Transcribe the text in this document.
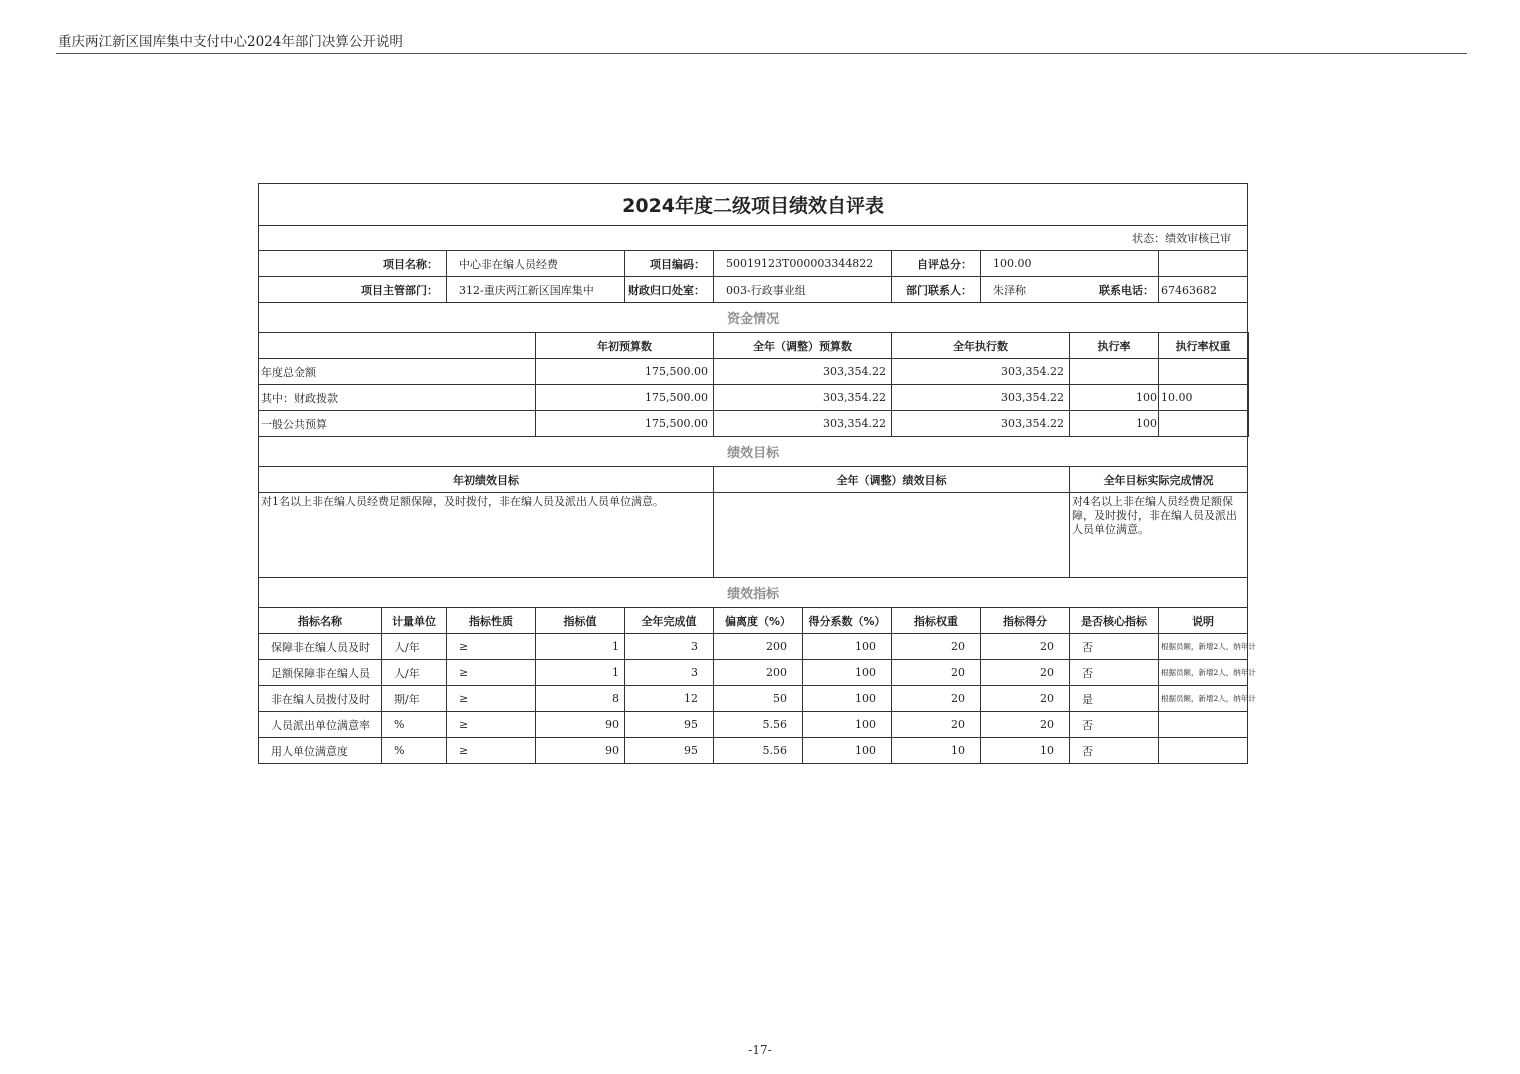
重庆两江新区国库集中支付中心2024年部门决算公开说明
2024年度二级项目绩效自评表											
状态：绩效审核已审											
项目名称：		中心非在编人员经费		项目编码：	50019123T000003344822		自评总分：	100.00			
项目主管部门：		312-重庆两江新区国库集中		财政归口处室：	003-行政事业组		部门联系人：	朱泽称		联系电话： 67463682	
资金情况											
			年初预算数		全年（调整）预算数		全年执行数		执行率	执行率权重	
年度总金额			175,500.00		303,354.22		303,354.22				
其中：财政拨款			175,500.00		303,354.22		303,354.22		100	10.00	
一般公共预算			175,500.00		303,354.22		303,354.22		100		
绩效目标											
年初绩效目标					全年（调整）绩效目标				全年目标实际完成情况		
对1名以上非在编人员经费足额保障，及时拨付，非在编人员及派出人员单位满意。									对4名以上非在编人员经费足额保障，及时拨付，非在编人员及派出人员单位满意。		
绩效指标											
指标名称	计量单位	指标性质	指标值	全年完成值	偏离度（%）	得分系数（%）	指标权重	指标得分	是否核心指标	说明	
保障非在编人员及时	人/年	≥	1	3	200	100	20	20	否	根据员额，新增2人，纳年计	
足额保障非在编人员	人/年	≥	1	3	200	100	20	20	否	根据员额，新增2人，纳年计	
非在编人员拨付及时	期/年	≥	8	12	50	100	20	20	是	根据员额，新增2人，纳年计	
人员派出单位满意率	%	≥	90	95	5.56	100	20	20	否		
用人单位满意度	%	≥	90	95	5.56	100	10	10	否		
-17-
